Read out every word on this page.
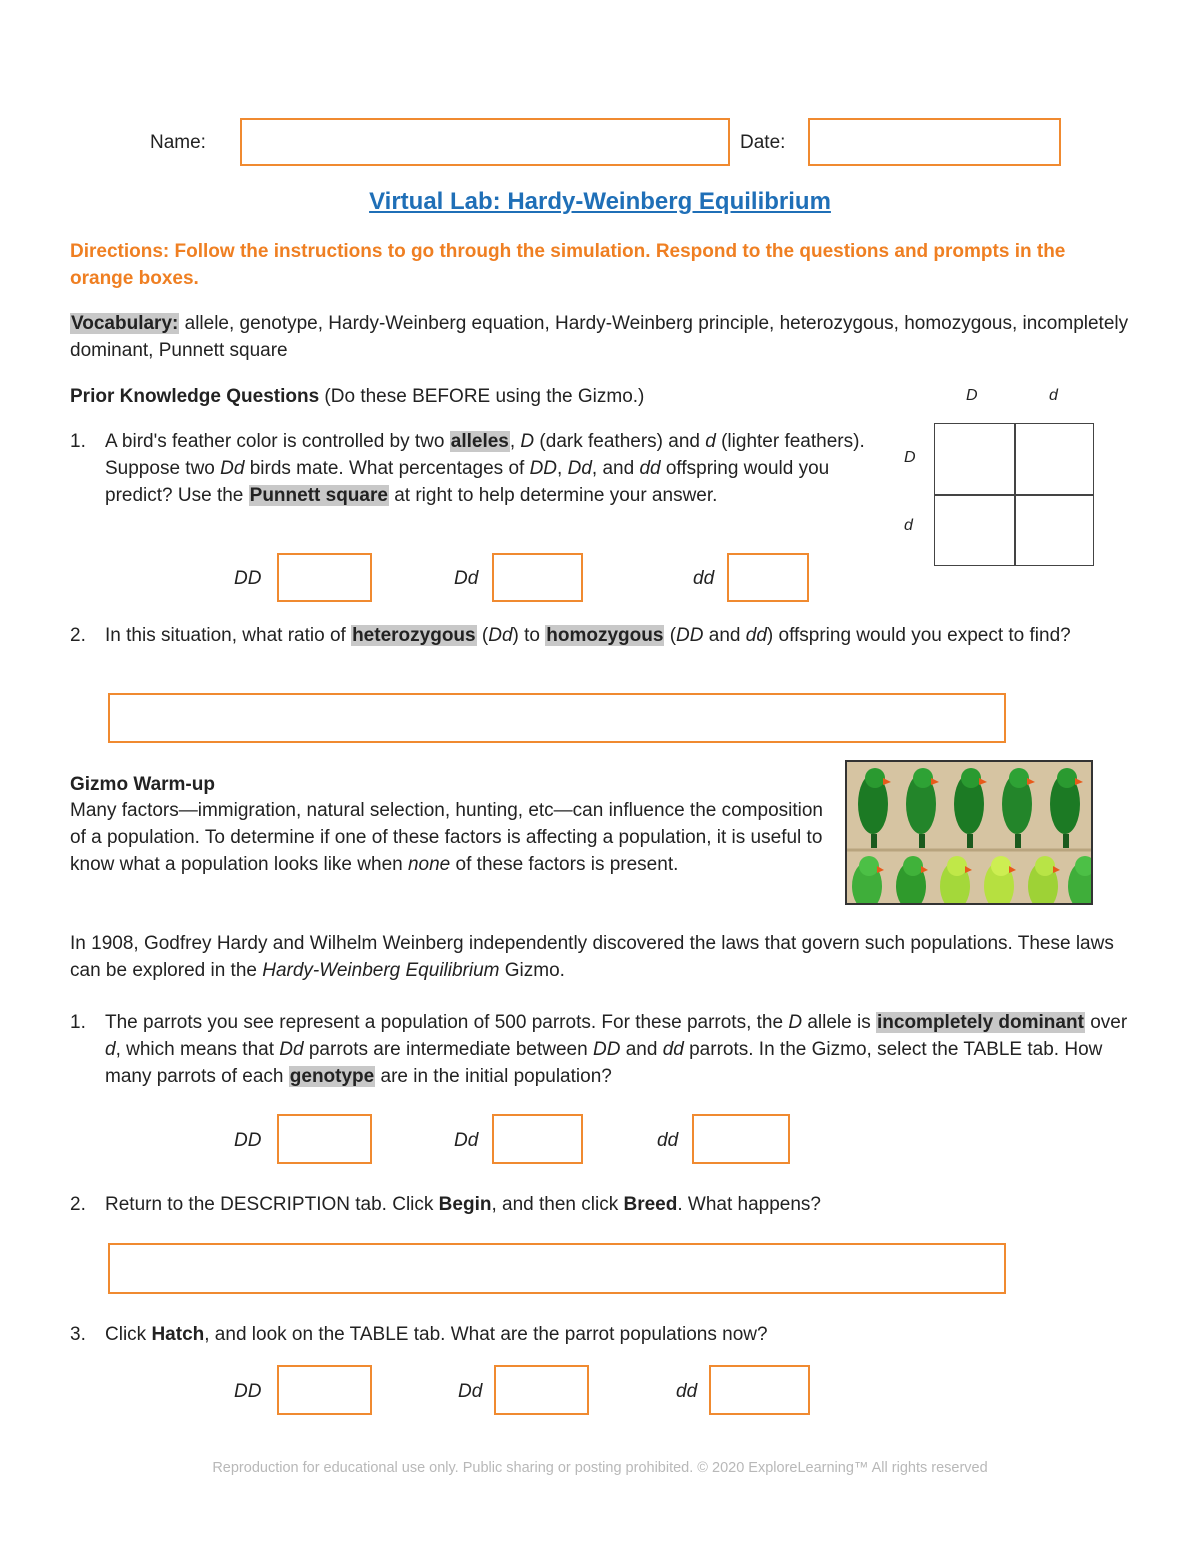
Name:	Date:
Virtual Lab: Hardy-Weinberg Equilibrium
Directions: Follow the instructions to go through the simulation. Respond to the questions and prompts in the orange boxes.
Vocabulary: allele, genotype, Hardy-Weinberg equation, Hardy-Weinberg principle, heterozygous, homozygous, incompletely dominant, Punnett square
Prior Knowledge Questions (Do these BEFORE using the Gizmo.)
1.	A bird's feather color is controlled by two alleles, D (dark feathers) and d (lighter feathers). Suppose two Dd birds mate. What percentages of DD, Dd, and dd offspring would you predict? Use the Punnett square at right to help determine your answer.
D	d
D
d
DD	Dd	dd
2.	In this situation, what ratio of heterozygous (Dd) to homozygous (DD and dd) offspring would you expect to find?
Gizmo Warm-up
Many factors—immigration, natural selection, hunting, etc—can influence the composition of a population. To determine if one of these factors is affecting a population, it is useful to know what a population looks like when none of these factors is present.
In 1908, Godfrey Hardy and Wilhelm Weinberg independently discovered the laws that govern such populations. These laws can be explored in the Hardy-Weinberg Equilibrium Gizmo.
1.	The parrots you see represent a population of 500 parrots. For these parrots, the D allele is incompletely dominant over d, which means that Dd parrots are intermediate between DD and dd parrots. In the Gizmo, select the TABLE tab. How many parrots of each genotype are in the initial population?
DD	Dd	dd
2.	Return to the DESCRIPTION tab. Click Begin, and then click Breed. What happens?
3.	Click Hatch, and look on the TABLE tab. What are the parrot populations now?
DD	Dd	dd
Reproduction for educational use only. Public sharing or posting prohibited. © 2020 ExploreLearning™ All rights reserved
